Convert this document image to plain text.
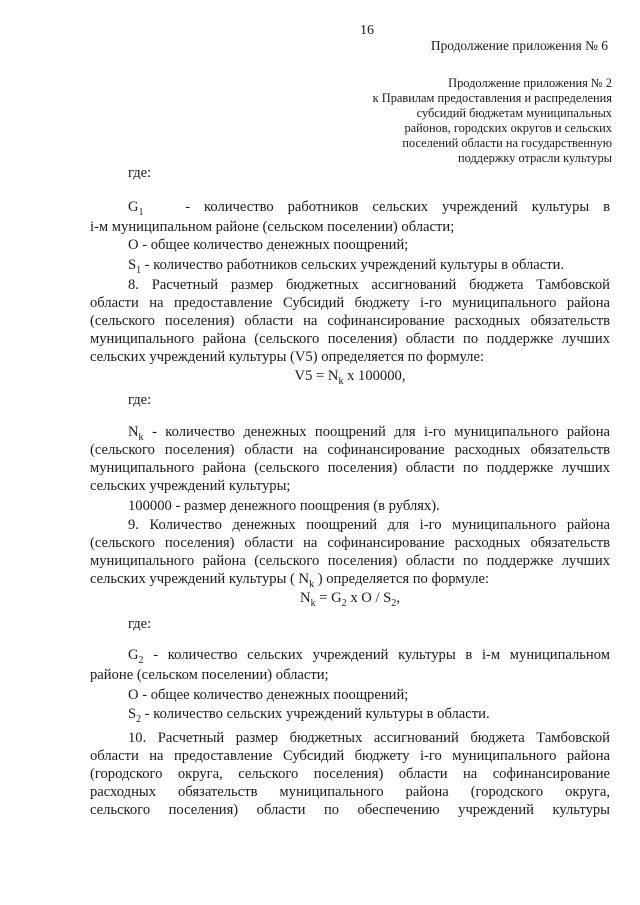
16
Продолжение приложения № 6
Продолжение приложения № 2
к Правилам предоставления и распределения
субсидий бюджетам муниципальных
районов, городских округов и сельских
поселений области на государственную
поддержку отрасли культуры
где:
$G_1$	- количество работников сельских учреждений культуры в
i-м муниципальном районе (сельском поселении) области;
O - общее количество денежных поощрений;
$S_1$ - количество работников сельских учреждений культуры в области.
8. Расчетный размер бюджетных ассигнований бюджета Тамбовской
области на предоставление Субсидий бюджету i-го муниципального района
(сельского поселения) области на софинансирование расходных обязательств
муниципального района (сельского поселения) области по поддержке лучших
сельских учреждений культуры (V5) определяется по формуле:
$V5 = N_k$ x 100000,
где:
$N_k$ - количество денежных поощрений для i-го муниципального района
(сельского поселения) области на софинансирование расходных обязательств
муниципального района (сельского поселения) области по поддержке лучших
сельских учреждений культуры;
100000 - размер денежного поощрения (в рублях).
9. Количество денежных поощрений для i-го муниципального района
(сельского поселения) области на софинансирование расходных обязательств
муниципального района (сельского поселения) области по поддержке лучших
сельских учреждений культуры ( $N_k$ ) определяется по формуле:
$N_k = G_2$ x O / $S_2$,
где:
$G_2$ - количество сельских учреждений культуры в i-м муниципальном
районе (сельском поселении) области;
O - общее количество денежных поощрений;
$S_2$ - количество сельских учреждений культуры в области.
10. Расчетный размер бюджетных ассигнований бюджета Тамбовской
области на предоставление Субсидий бюджету i-го муниципального района
(городского округа, сельского поселения) области на софинансирование
расходных обязательств муниципального района (городского округа,
сельского поселения) области по обеспечению учреждений культуры
